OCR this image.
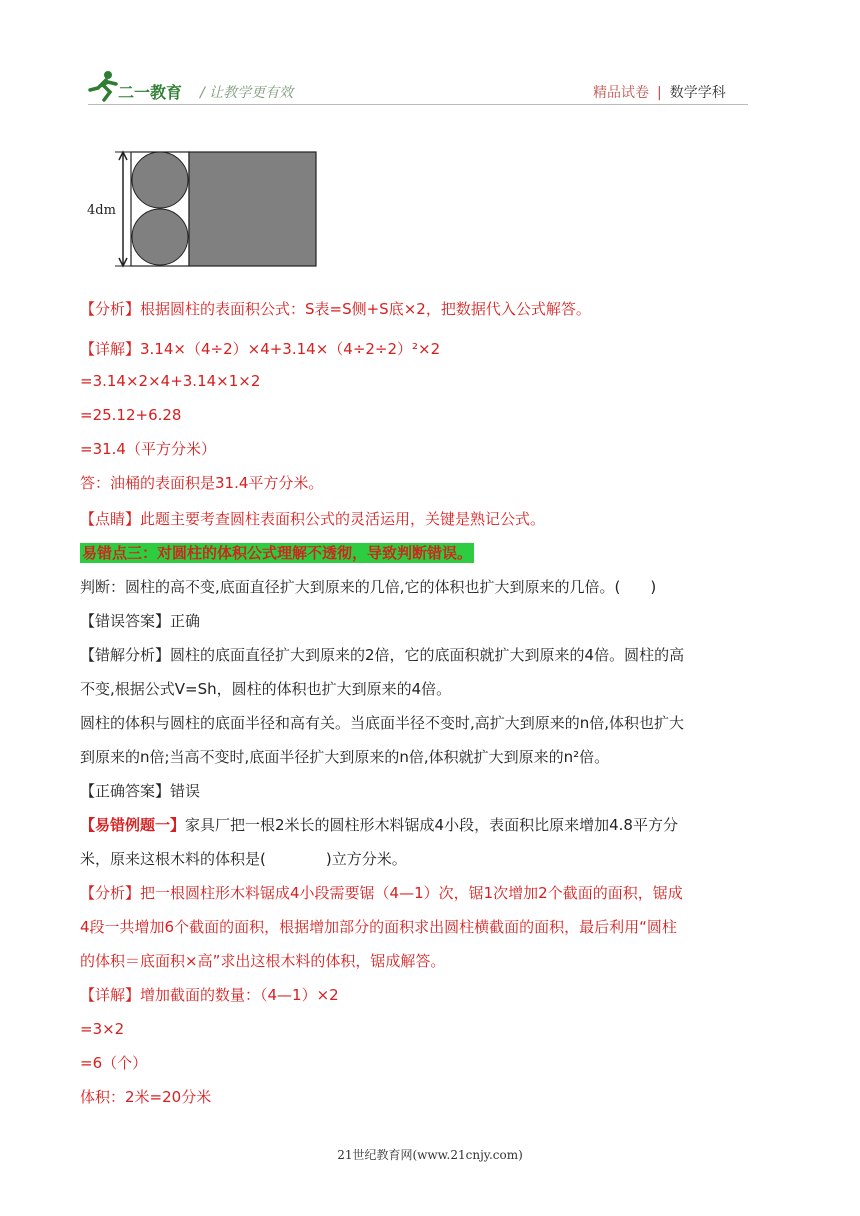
二一教育 / 让教学更有效	精品试卷 | 数学学科
4dm
【分析】根据圆柱的表面积公式：S表=S侧+S底×2，把数据代入公式解答。
【详解】3.14×（4÷2）×4+3.14×（4÷2÷2）²×2
=3.14×2×4+3.14×1×2
=25.12+6.28
=31.4（平方分米）
答：油桶的表面积是31.4平方分米。
【点睛】此题主要考查圆柱表面积公式的灵活运用，关键是熟记公式。
易错点三：对圆柱的体积公式理解不透彻，导致判断错误。
判断：圆柱的高不变,底面直径扩大到原来的几倍,它的体积也扩大到原来的几倍。(　　)
【错误答案】正确
【错解分析】圆柱的底面直径扩大到原来的2倍，它的底面积就扩大到原来的4倍。圆柱的高
不变,根据公式V=Sh，圆柱的体积也扩大到原来的4倍。
圆柱的体积与圆柱的底面半径和高有关。当底面半径不变时,高扩大到原来的n倍,体积也扩大
到原来的n倍;当高不变时,底面半径扩大到原来的n倍,体积就扩大到原来的n²倍。
【正确答案】错误
【易错例题一】家具厂把一根2米长的圆柱形木料锯成4小段，表面积比原来增加4.8平方分
米，原来这根木料的体积是(　　　　)立方分米。
【分析】把一根圆柱形木料锯成4小段需要锯（4—1）次，锯1次增加2个截面的面积，锯成
4段一共增加6个截面的面积，根据增加部分的面积求出圆柱横截面的面积，最后利用“圆柱
的体积＝底面积×高”求出这根木料的体积，锯成解答。
【详解】增加截面的数量：（4—1）×2
=3×2
=6（个）
体积：2米=20分米
21世纪教育网(www.21cnjy.com)
